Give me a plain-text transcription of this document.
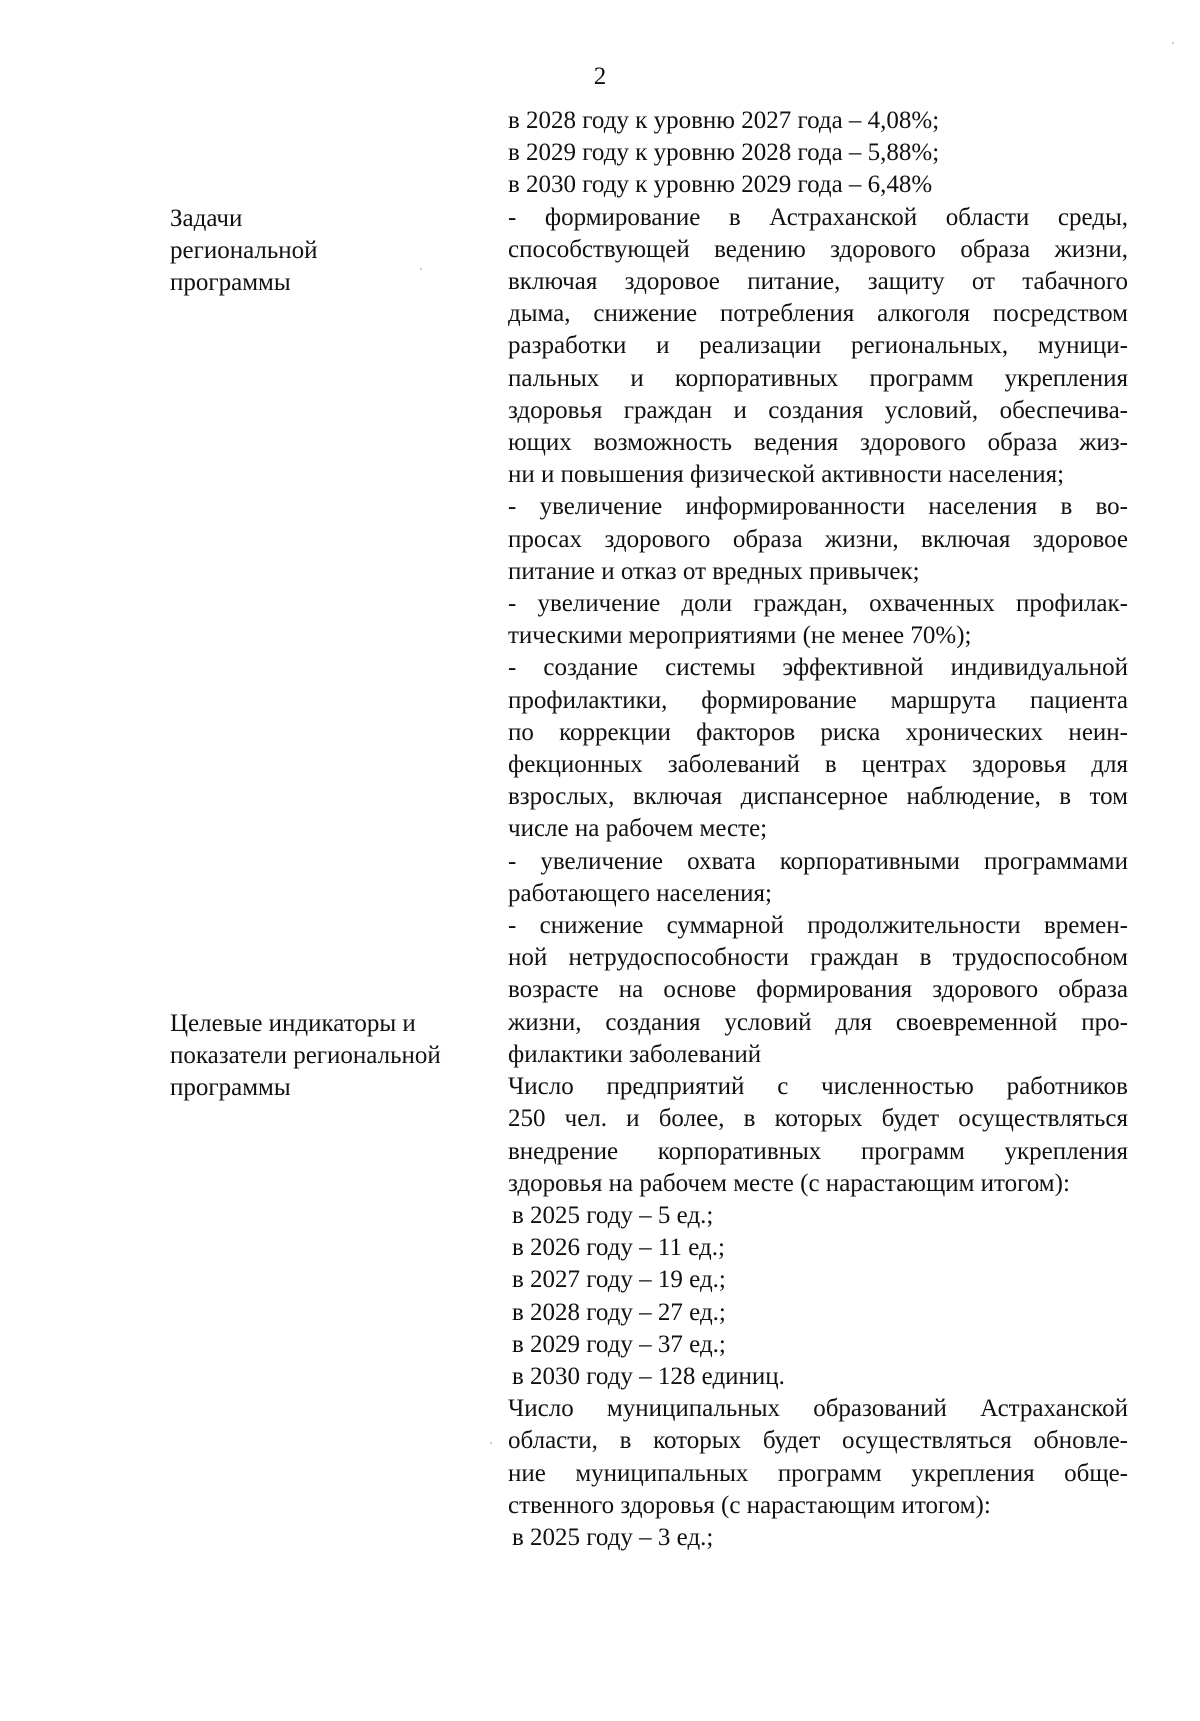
2
Задачи
региональной
программы
Целевые индикаторы и
показатели региональной
программы
в 2028 году к уровню 2027 года – 4,08%;
в 2029 году к уровню 2028 года – 5,88%;
в 2030 году к уровню 2029 года – 6,48%
- формирование в Астраханской области среды,
способствующей ведению здорового образа жизни,
включая здоровое питание, защиту от табачного
дыма, снижение потребления алкоголя посредством
разработки и реализации региональных, муници-
пальных и корпоративных программ укрепления
здоровья граждан и создания условий, обеспечива-
ющих возможность ведения здорового образа жиз-
ни и повышения физической активности населения;
- увеличение информированности населения в во-
просах здорового образа жизни, включая здоровое
питание и отказ от вредных привычек;
- увеличение доли граждан, охваченных профилак-
тическими мероприятиями (не менее 70%);
- создание системы эффективной индивидуальной
профилактики, формирование маршрута пациента
по коррекции факторов риска хронических неин-
фекционных заболеваний в центрах здоровья для
взрослых, включая диспансерное наблюдение, в том
числе на рабочем месте;
- увеличение охвата корпоративными программами
работающего населения;
- снижение суммарной продолжительности времен-
ной нетрудоспособности граждан в трудоспособном
возрасте на основе формирования здорового образа
жизни, создания условий для своевременной про-
филактики заболеваний
Число предприятий с численностью работников
250 чел. и более, в которых будет осуществляться
внедрение корпоративных программ укрепления
здоровья на рабочем месте (с нарастающим итогом):
в 2025 году – 5 ед.;
в 2026 году – 11 ед.;
в 2027 году – 19 ед.;
в 2028 году – 27 ед.;
в 2029 году – 37 ед.;
в 2030 году – 128 единиц.
Число муниципальных образований Астраханской
области, в которых будет осуществляться обновле-
ние муниципальных программ укрепления обще-
ственного здоровья (с нарастающим итогом):
в 2025 году – 3 ед.;
